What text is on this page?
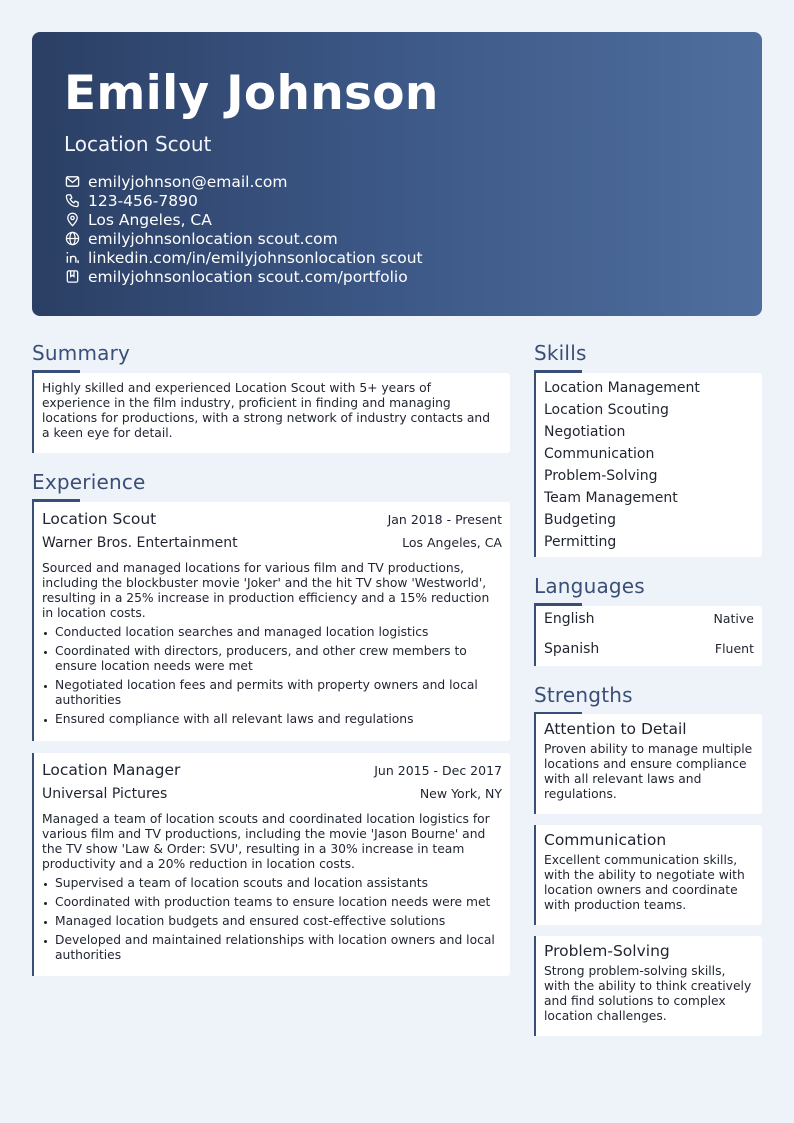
Emily Johnson
Location Scout
emilyjohnson@email.com
123-456-7890
Los Angeles, CA
emilyjohnsonlocation scout.com
linkedin.com/in/emilyjohnsonlocation scout
emilyjohnsonlocation scout.com/portfolio
Summary
Highly skilled and experienced Location Scout with 5+ years of experience in the film industry, proficient in finding and managing locations for productions, with a strong network of industry contacts and a keen eye for detail.
Experience
Location Scout	Jan 2018 - Present
Warner Bros. Entertainment	Los Angeles, CA
Sourced and managed locations for various film and TV productions, including the blockbuster movie 'Joker' and the hit TV show 'Westworld', resulting in a 25% increase in production efficiency and a 15% reduction in location costs.
Conducted location searches and managed location logistics
Coordinated with directors, producers, and other crew members to ensure location needs were met
Negotiated location fees and permits with property owners and local authorities
Ensured compliance with all relevant laws and regulations
Location Manager	Jun 2015 - Dec 2017
Universal Pictures	New York, NY
Managed a team of location scouts and coordinated location logistics for various film and TV productions, including the movie 'Jason Bourne' and the TV show 'Law & Order: SVU', resulting in a 30% increase in team productivity and a 20% reduction in location costs.
Supervised a team of location scouts and location assistants
Coordinated with production teams to ensure location needs were met
Managed location budgets and ensured cost-effective solutions
Developed and maintained relationships with location owners and local authorities
Skills
Location Management
Location Scouting
Negotiation
Communication
Problem-Solving
Team Management
Budgeting
Permitting
Languages
English	Native
Spanish	Fluent
Strengths
Attention to Detail
Proven ability to manage multiple locations and ensure compliance with all relevant laws and regulations.
Communication
Excellent communication skills, with the ability to negotiate with location owners and coordinate with production teams.
Problem-Solving
Strong problem-solving skills, with the ability to think creatively and find solutions to complex location challenges.
